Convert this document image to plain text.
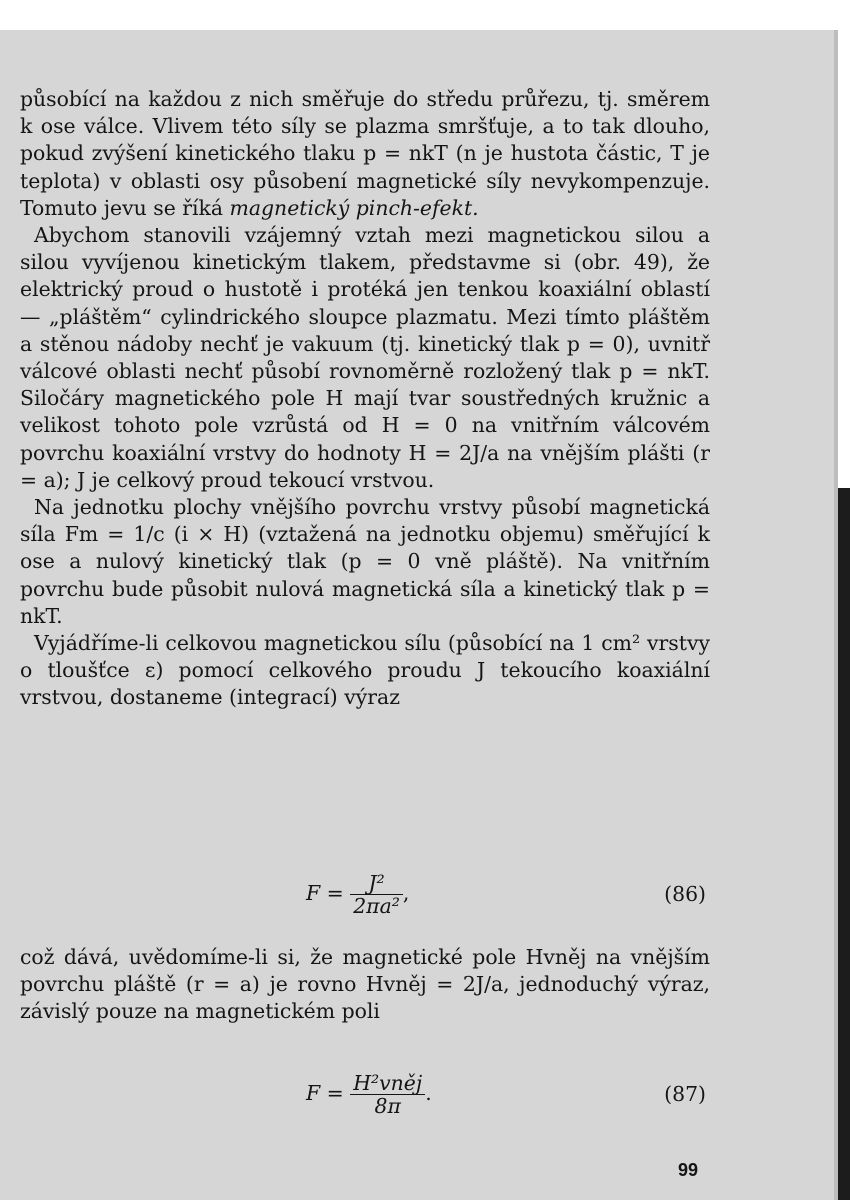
působící na každou z nich směřuje do středu průřezu, tj. směrem k ose válce. Vlivem této síly se plazma smršťuje, a to tak dlouho, pokud zvýšení kinetického tlaku p = nkT (n je hustota částic, T je teplota) v oblasti osy působení magnetické síly nevykompenzuje. Tomuto jevu se říká magnetický pinch-efekt.

Abychom stanovili vzájemný vztah mezi magnetickou silou a silou vyvíjenou kinetickým tlakem, představme si (obr. 49), že elektrický proud o hustotě i protéká jen tenkou koaxiální oblastí — „pláštěm“ cylindrického sloupce plazmatu. Mezi tímto pláštěm a stěnou nádoby nechť je vakuum (tj. kinetický tlak p = 0), uvnitř válcové oblasti nechť působí rovnoměrně rozložený tlak p = nkT. Siločáry magnetického pole H mají tvar soustředných kružnic a velikost tohoto pole vzrůstá od H = 0 na vnitřním válcovém povrchu koaxiální vrstvy do hodnoty H = 2J/a na vnějším plášti (r = a); J je celkový proud tekoucí vrstvou.

Na jednotku plochy vnějšího povrchu vrstvy působí magnetická síla Fm = 1/c (i × H) (vztažená na jednotku objemu) směřující k ose a nulový kinetický tlak (p = 0 vně pláště). Na vnitřním povrchu bude působit nulová magnetická síla a kinetický tlak p = nkT.

Vyjádříme-li celkovou magnetickou sílu (působící na 1 cm² vrstvy o tloušťce ε) pomocí celkového proudu J tekoucího koaxiální vrstvou, dostaneme (integrací) výraz

$F = \frac{\text{J²}}{\text{2πa²}}$ ,	(86)

což dává, uvědomíme-li si, že magnetické pole Hvněj na vnějším povrchu pláště (r = a) je rovno Hvněj = 2J/a, jednoduchý výraz, závislý pouze na magnetickém poli

$F = \frac{\text{H²vněj}}{8\pi}$ .	(87)
99
